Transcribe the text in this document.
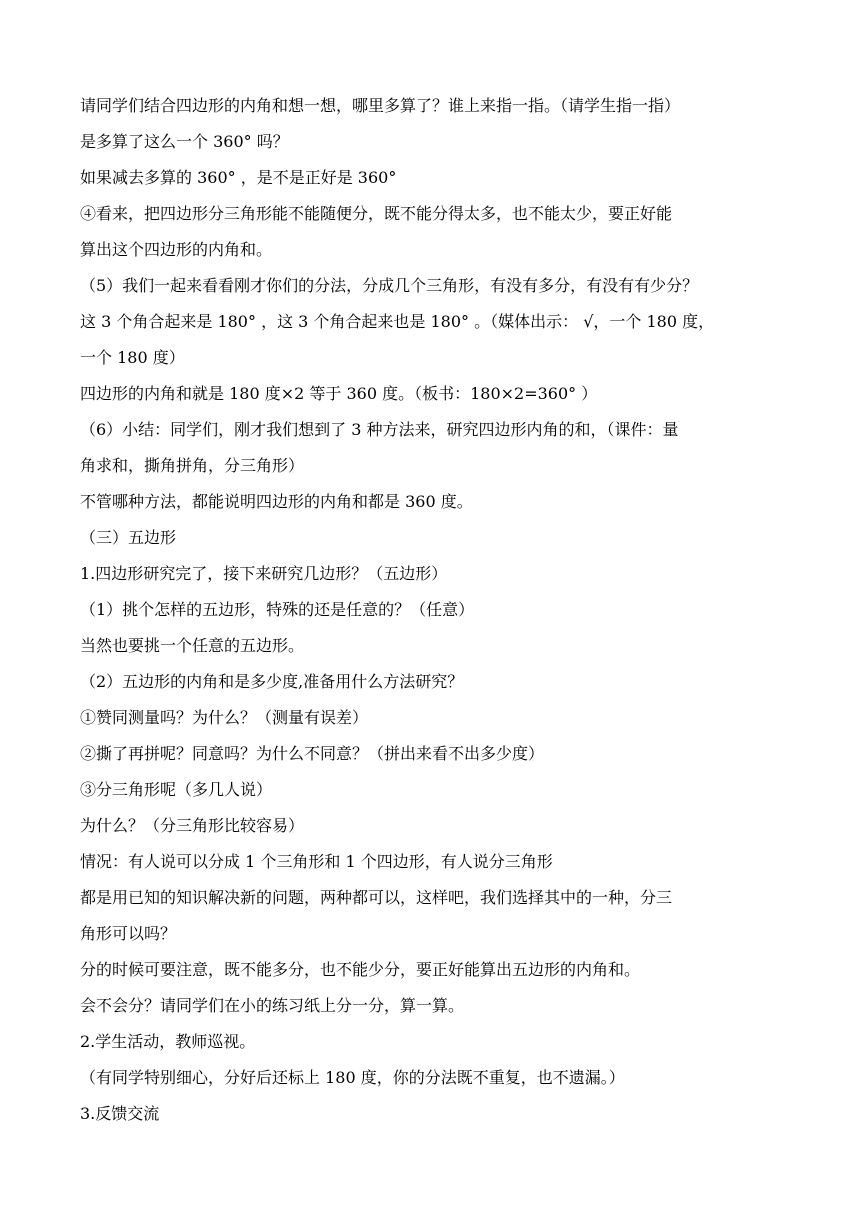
请同学们结合四边形的内角和想一想，哪里多算了？谁上来指一指。（请学生指一指）
是多算了这么一个 360° 吗？
如果减去多算的 360° ，是不是正好是 360°
④看来，把四边形分三角形能不能随便分，既不能分得太多，也不能太少，要正好能
算出这个四边形的内角和。
（5）我们一起来看看刚才你们的分法，分成几个三角形，有没有多分，有没有有少分？
这 3 个角合起来是 180° ，这 3 个角合起来也是 180° 。（媒体出示： √，一个 180 度，
一个 180 度）
四边形的内角和就是 180 度×2 等于 360 度。（板书：180×2=360° ）
（6）小结：同学们，刚才我们想到了 3 种方法来，研究四边形内角的和，（课件：量
角求和，撕角拼角，分三角形）
不管哪种方法，都能说明四边形的内角和都是 360 度。
（三）五边形
1.四边形研究完了，接下来研究几边形？（五边形）
（1）挑个怎样的五边形，特殊的还是任意的？（任意）
当然也要挑一个任意的五边形。
（2）五边形的内角和是多少度,准备用什么方法研究？
①赞同测量吗？为什么？（测量有误差）
②撕了再拼呢？同意吗？为什么不同意？（拼出来看不出多少度）
③分三角形呢（多几人说）
为什么？（分三角形比较容易）
情况：有人说可以分成 1 个三角形和 1 个四边形，有人说分三角形
都是用已知的知识解决新的问题，两种都可以，这样吧，我们选择其中的一种，分三
角形可以吗？
分的时候可要注意，既不能多分，也不能少分，要正好能算出五边形的内角和。
会不会分？请同学们在小的练习纸上分一分，算一算。
2.学生活动，教师巡视。
（有同学特别细心，分好后还标上 180 度，你的分法既不重复，也不遗漏。）
3.反馈交流
